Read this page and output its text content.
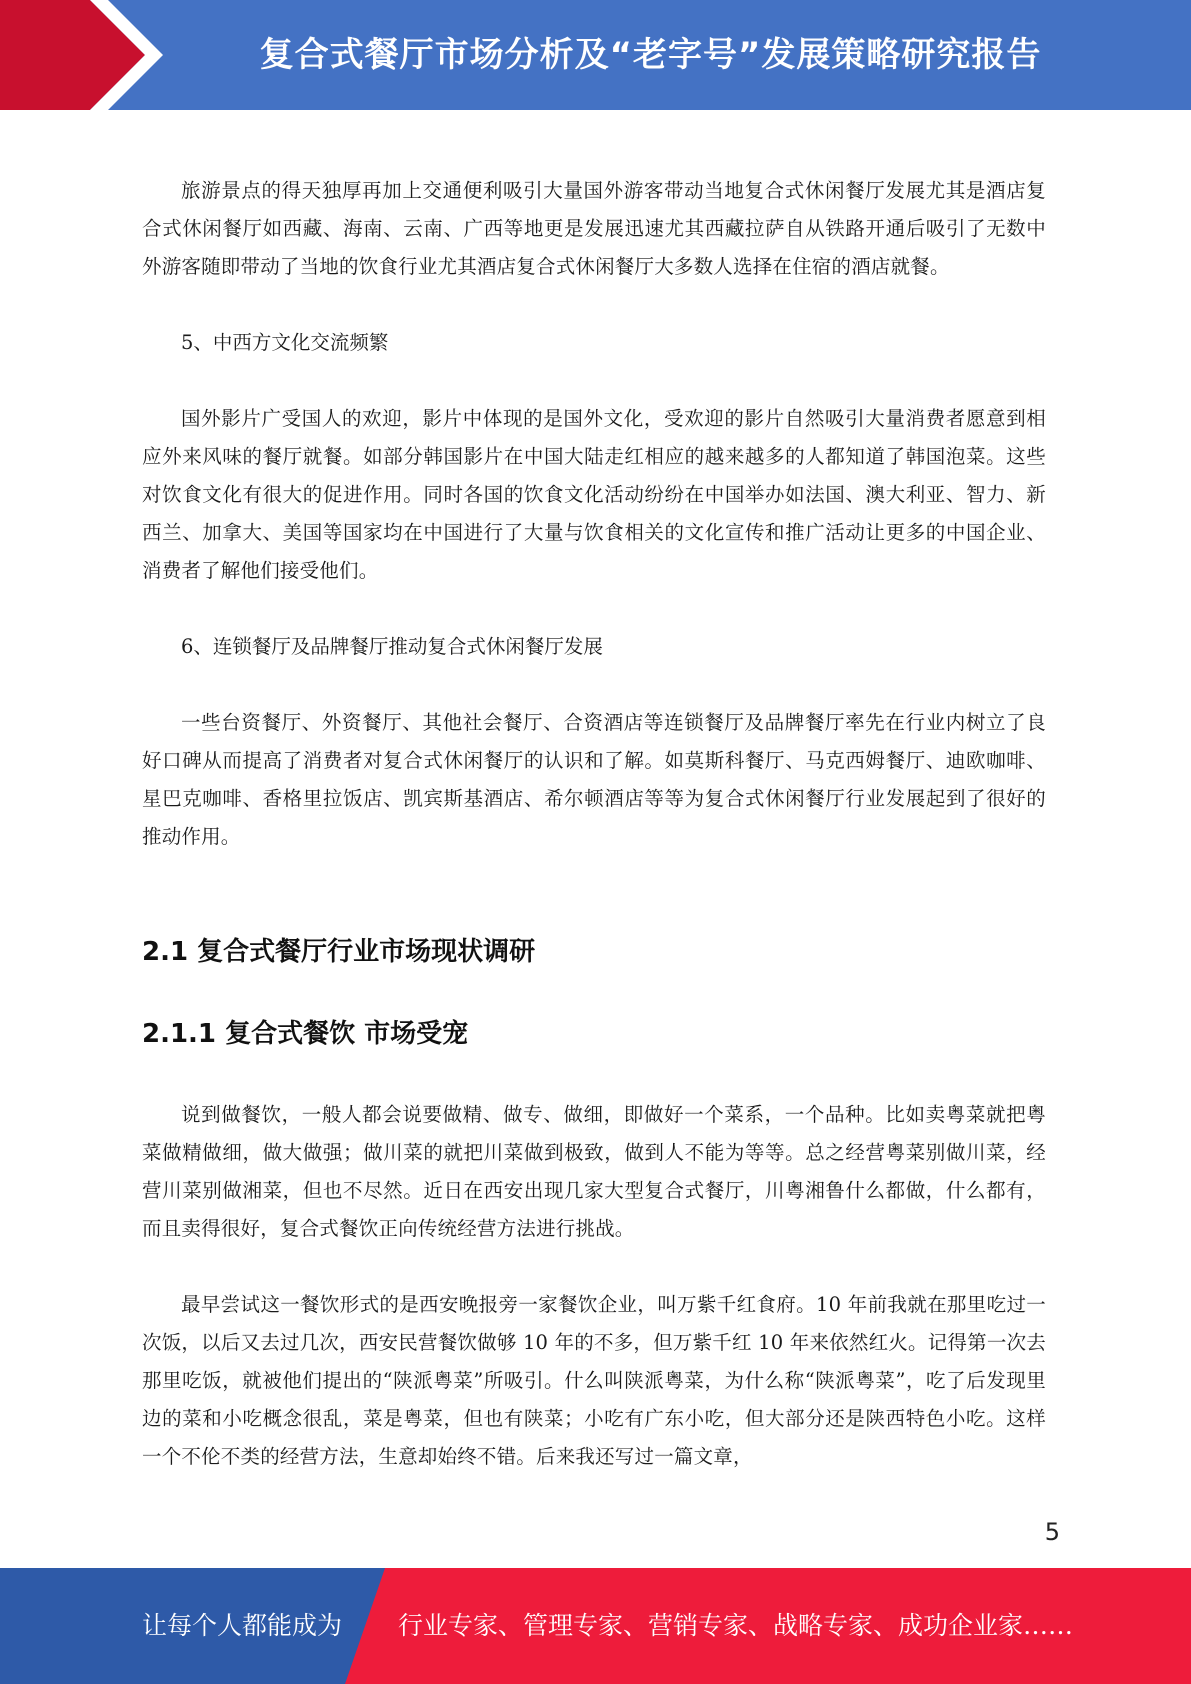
复合式餐厅市场分析及“老字号”发展策略研究报告

旅游景点的得天独厚再加上交通便利吸引大量国外游客带动当地复合式休闲餐厅发展尤其是酒店复合式休闲餐厅如西藏、海南、云南、广西等地更是发展迅速尤其西藏拉萨自从铁路开通后吸引了无数中外游客随即带动了当地的饮食行业尤其酒店复合式休闲餐厅大多数人选择在住宿的酒店就餐。

5、中西方文化交流频繁

国外影片广受国人的欢迎，影片中体现的是国外文化，受欢迎的影片自然吸引大量消费者愿意到相应外来风味的餐厅就餐。如部分韩国影片在中国大陆走红相应的越来越多的人都知道了韩国泡菜。这些对饮食文化有很大的促进作用。同时各国的饮食文化活动纷纷在中国举办如法国、澳大利亚、智力、新西兰、加拿大、美国等国家均在中国进行了大量与饮食相关的文化宣传和推广活动让更多的中国企业、消费者了解他们接受他们。

6、连锁餐厅及品牌餐厅推动复合式休闲餐厅发展

一些台资餐厅、外资餐厅、其他社会餐厅、合资酒店等连锁餐厅及品牌餐厅率先在行业内树立了良好口碑从而提高了消费者对复合式休闲餐厅的认识和了解。如莫斯科餐厅、马克西姆餐厅、迪欧咖啡、星巴克咖啡、香格里拉饭店、凯宾斯基酒店、希尔顿酒店等等为复合式休闲餐厅行业发展起到了很好的推动作用。

2.1 复合式餐厅行业市场现状调研
2.1.1 复合式餐饮 市场受宠

说到做餐饮，一般人都会说要做精、做专、做细，即做好一个菜系，一个品种。比如卖粤菜就把粤菜做精做细，做大做强；做川菜的就把川菜做到极致，做到人不能为等等。总之经营粤菜别做川菜，经营川菜别做湘菜，但也不尽然。近日在西安出现几家大型复合式餐厅，川粤湘鲁什么都做，什么都有，而且卖得很好，复合式餐饮正向传统经营方法进行挑战。

最早尝试这一餐饮形式的是西安晚报旁一家餐饮企业，叫万紫千红食府。10 年前我就在那里吃过一次饭，以后又去过几次，西安民营餐饮做够 10 年的不多，但万紫千红 10 年来依然红火。记得第一次去那里吃饭，就被他们提出的“陕派粤菜”所吸引。什么叫陕派粤菜，为什么称“陕派粤菜”，吃了后发现里边的菜和小吃概念很乱，菜是粤菜，但也有陕菜；小吃有广东小吃，但大部分还是陕西特色小吃。这样一个不伦不类的经营方法，生意却始终不错。后来我还写过一篇文章，

5
让每个人都能成为 行业专家、管理专家、营销专家、战略专家、成功企业家……
